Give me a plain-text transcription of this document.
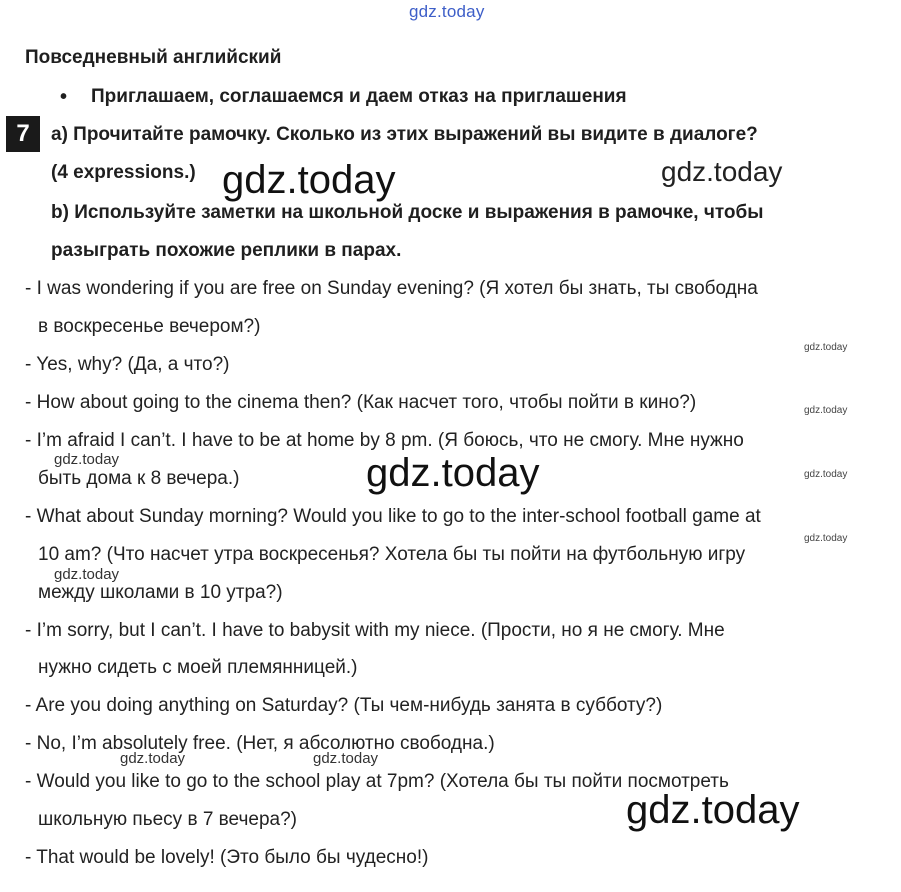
gdz.today
Повседневный английский
• Приглашаем, соглашаемся и даем отказ на приглашения
7	a) Прочитайте рамочку. Сколько из этих выражений вы видите в диалоге?
(4 expressions.)
b) Используйте заметки на школьной доске и выражения в рамочке, чтобы
разыграть похожие реплики в парах.
- I was wondering if you are free on Sunday evening? (Я хотел бы знать, ты свободна
в воскресенье вечером?)
- Yes, why? (Да, а что?)
- How about going to the cinema then? (Как насчет того, чтобы пойти в кино?)
- I’m afraid I can’t. I have to be at home by 8 pm. (Я боюсь, что не смогу. Мне нужно
быть дома к 8 вечера.)
- What about Sunday morning? Would you like to go to the inter-school football game at
10 am? (Что насчет утра воскресенья? Хотела бы ты пойти на футбольную игру
между школами в 10 утра?)
- I’m sorry, but I can’t. I have to babysit with my niece. (Прости, но я не смогу. Мне
нужно сидеть с моей племянницей.)
- Are you doing anything on Saturday? (Ты чем-нибудь занята в субботу?)
- No, I’m absolutely free. (Нет, я абсолютно свободна.)
- Would you like to go to the school play at 7pm? (Хотела бы ты пойти посмотреть
школьную пьесу в 7 вечера?)
- That would be lovely! (Это было бы чудесно!)
gdz.today	gdz.today
gdz.today
gdz.today
gdz.today	gdz.today	gdz.today
gdz.today
gdz.today
gdz.today	gdz.today
gdz.today
